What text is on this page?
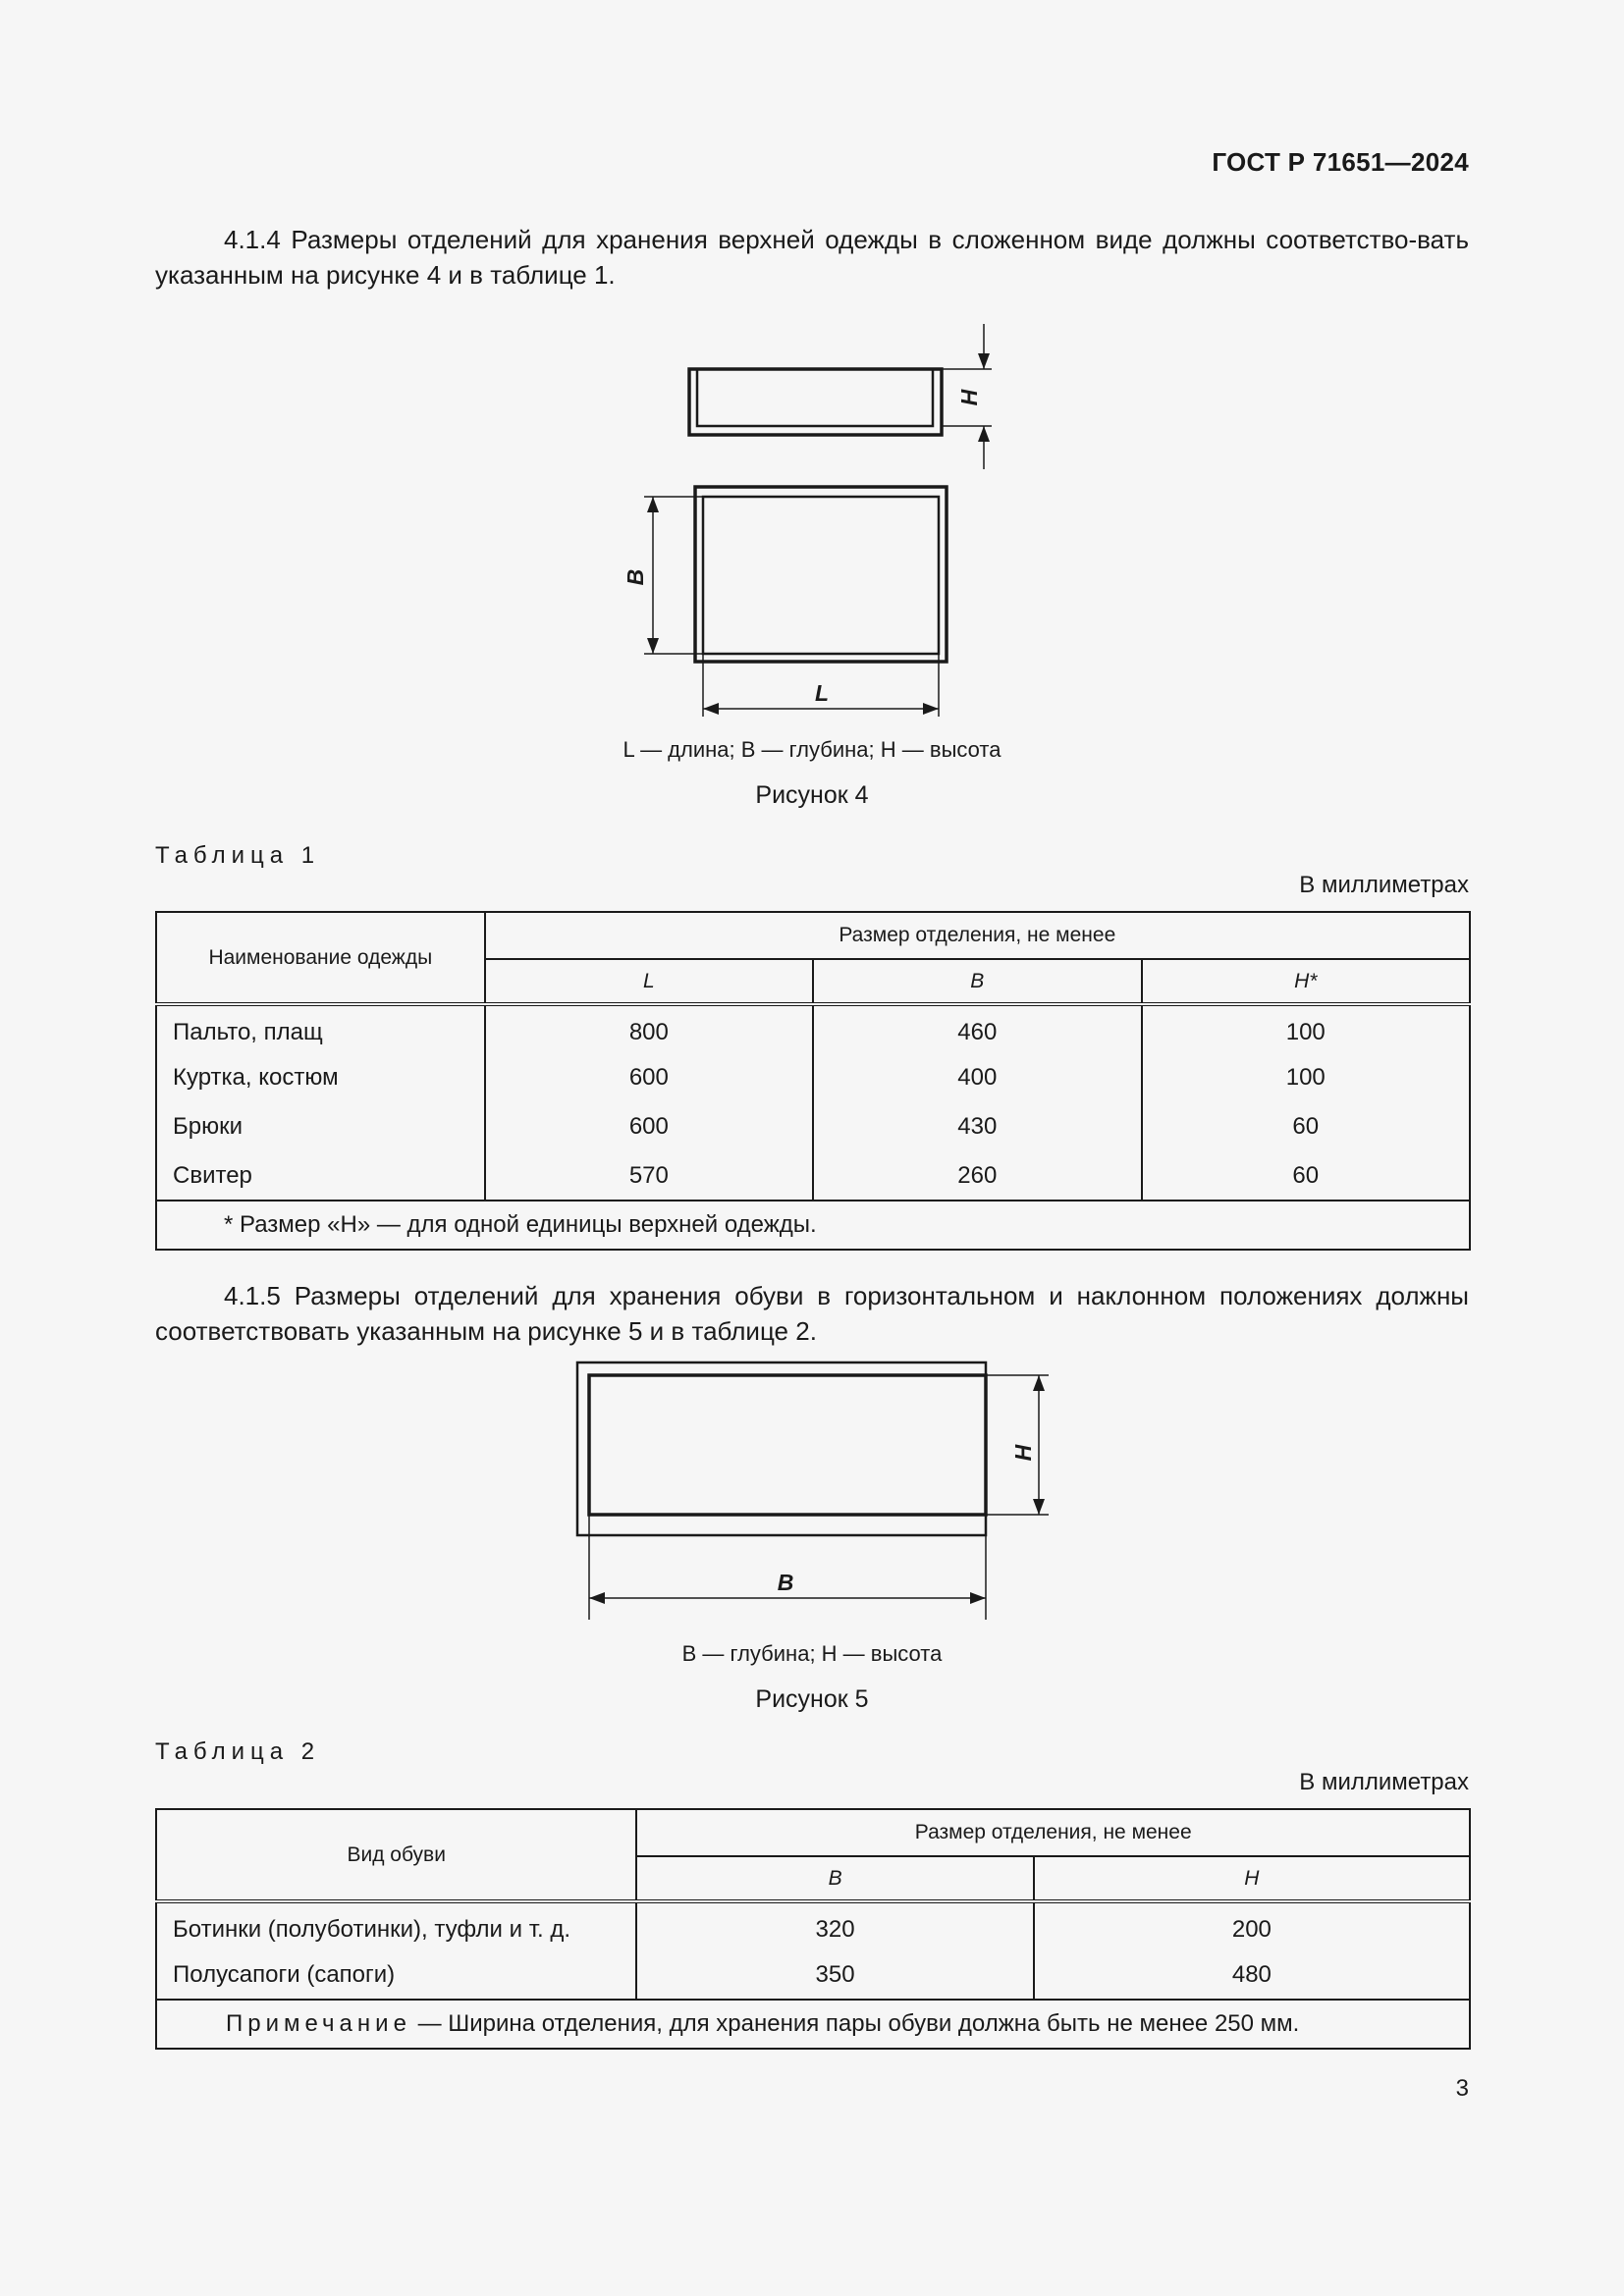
ГОСТ Р 71651—2024

4.1.4 Размеры отделений для хранения верхней одежды в сложенном виде должны соответство-вать указанным на рисунке 4 и в таблице 1.

H
B
L
L — длина; B — глубина; H — высота
Рисунок 4
Таблица 1
В миллиметрах
Наименование одежды	Размер отделения, не менее		
	L	B	H*
Пальто, плащ	800	460	100
Куртка, костюм	600	400	100
Брюки	600	430	60
Свитер	570	260	60
* Размер «H» — для одной единицы верхней одежды.			

4.1.5 Размеры отделений для хранения обуви в горизонтальном и наклонном положениях должны соответствовать указанным на рисунке 5 и в таблице 2.

H
B
B — глубина; H — высота
Рисунок 5
Таблица 2
В миллиметрах
Вид обуви	Размер отделения, не менее	
	B	H
Ботинки (полуботинки), туфли и т. д.	320	200
Полусапоги (сапоги)	350	480
Примечание — Ширина отделения, для хранения пары обуви должна быть не менее 250 мм.		
3
